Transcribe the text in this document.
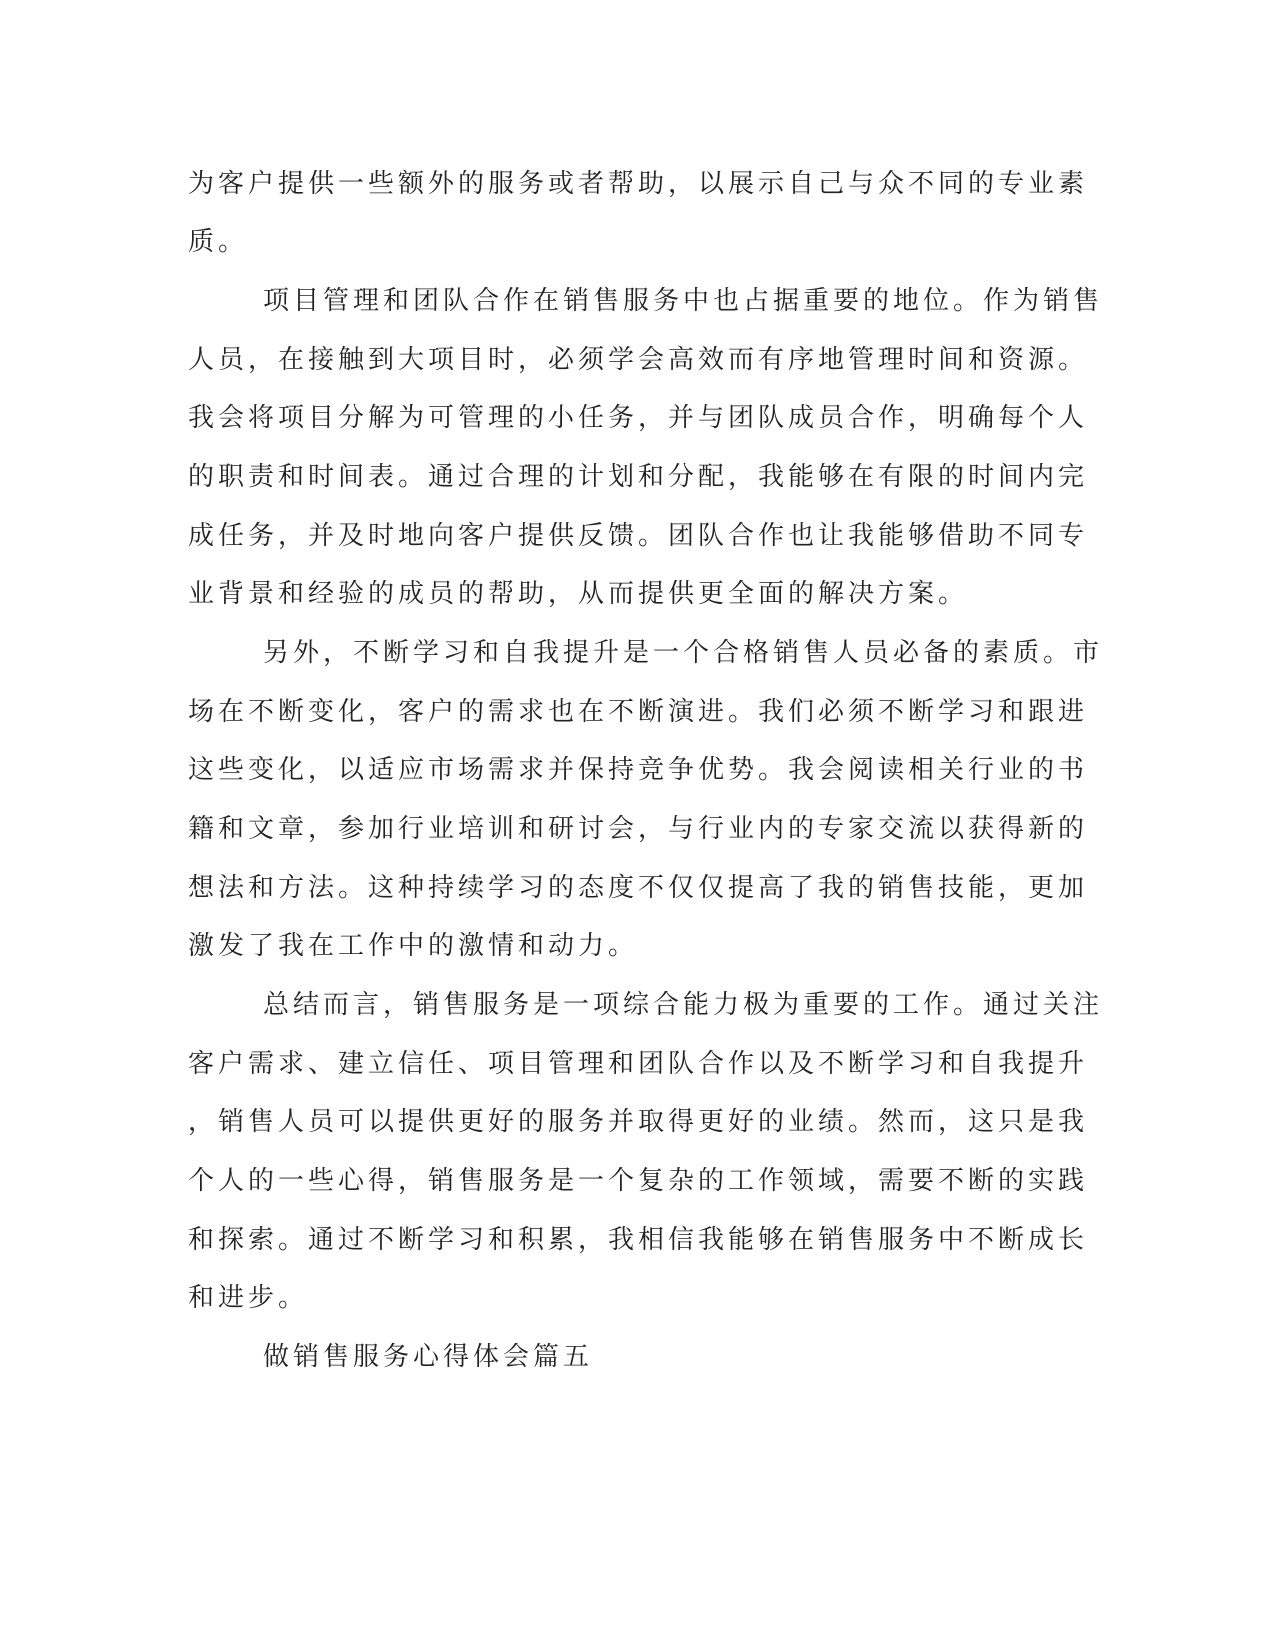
为客户提供一些额外的服务或者帮助，以展示自己与众不同的专业素

质。

项目管理和团队合作在销售服务中也占据重要的地位。作为销售

人员，在接触到大项目时，必须学会高效而有序地管理时间和资源。

我会将项目分解为可管理的小任务，并与团队成员合作，明确每个人

的职责和时间表。通过合理的计划和分配，我能够在有限的时间内完

成任务，并及时地向客户提供反馈。团队合作也让我能够借助不同专

业背景和经验的成员的帮助，从而提供更全面的解决方案。

另外，不断学习和自我提升是一个合格销售人员必备的素质。市

场在不断变化，客户的需求也在不断演进。我们必须不断学习和跟进

这些变化，以适应市场需求并保持竞争优势。我会阅读相关行业的书

籍和文章，参加行业培训和研讨会，与行业内的专家交流以获得新的

想法和方法。这种持续学习的态度不仅仅提高了我的销售技能，更加

激发了我在工作中的激情和动力。

总结而言，销售服务是一项综合能力极为重要的工作。通过关注

客户需求、建立信任、项目管理和团队合作以及不断学习和自我提升

，销售人员可以提供更好的服务并取得更好的业绩。然而，这只是我

个人的一些心得，销售服务是一个复杂的工作领域，需要不断的实践

和探索。通过不断学习和积累，我相信我能够在销售服务中不断成长

和进步。

做销售服务心得体会篇五
